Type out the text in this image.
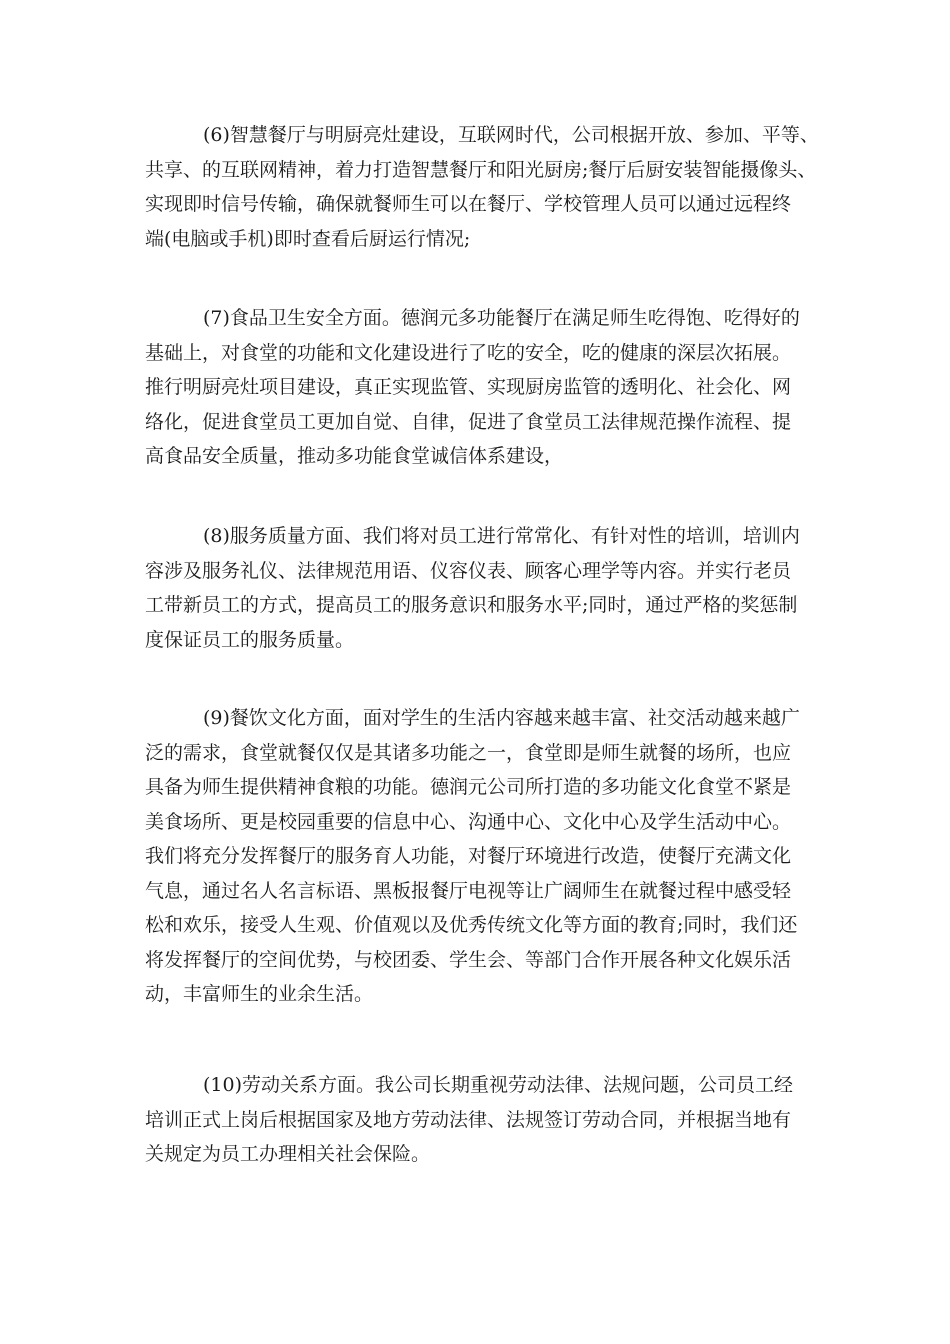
(6)智慧餐厅与明厨亮灶建设，互联网时代，公司根据开放、参加、平等、
共享、的互联网精神，着力打造智慧餐厅和阳光厨房;餐厅后厨安装智能摄像头、
实现即时信号传输，确保就餐师生可以在餐厅、学校管理人员可以通过远程终
端(电脑或手机)即时查看后厨运行情况;
(7)食品卫生安全方面。德润元多功能餐厅在满足师生吃得饱、吃得好的
基础上，对食堂的功能和文化建设进行了吃的安全，吃的健康的深层次拓展。
推行明厨亮灶项目建设，真正实现监管、实现厨房监管的透明化、社会化、网
络化，促进食堂员工更加自觉、自律，促进了食堂员工法律规范操作流程、提
高食品安全质量，推动多功能食堂诚信体系建设，
(8)服务质量方面、我们将对员工进行常常化、有针对性的培训，培训内
容涉及服务礼仪、法律规范用语、仪容仪表、顾客心理学等内容。并实行老员
工带新员工的方式，提高员工的服务意识和服务水平;同时，通过严格的奖惩制
度保证员工的服务质量。
(9)餐饮文化方面，面对学生的生活内容越来越丰富、社交活动越来越广
泛的需求，食堂就餐仅仅是其诸多功能之一，食堂即是师生就餐的场所，也应
具备为师生提供精神食粮的功能。德润元公司所打造的多功能文化食堂不紧是
美食场所、更是校园重要的信息中心、沟通中心、文化中心及学生活动中心。
我们将充分发挥餐厅的服务育人功能，对餐厅环境进行改造，使餐厅充满文化
气息，通过名人名言标语、黑板报餐厅电视等让广阔师生在就餐过程中感受轻
松和欢乐，接受人生观、价值观以及优秀传统文化等方面的教育;同时，我们还
将发挥餐厅的空间优势，与校团委、学生会、等部门合作开展各种文化娱乐活
动，丰富师生的业余生活。
(10)劳动关系方面。我公司长期重视劳动法律、法规问题，公司员工经
培训正式上岗后根据国家及地方劳动法律、法规签订劳动合同，并根据当地有
关规定为员工办理相关社会保险。
